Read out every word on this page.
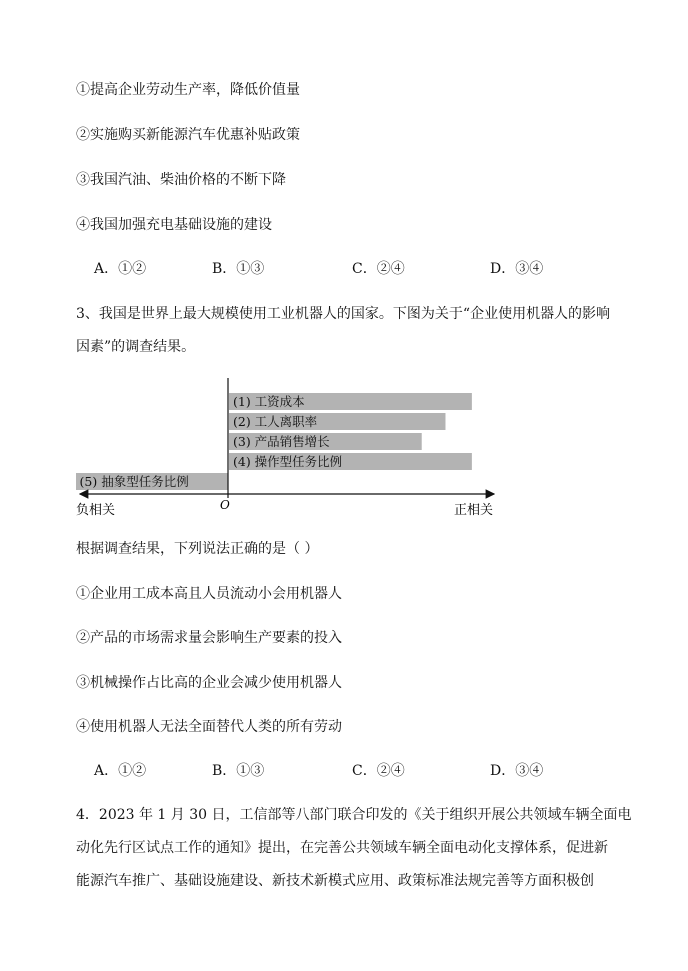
①提高企业劳动生产率，降低价值量
②实施购买新能源汽车优惠补贴政策
③我国汽油、柴油价格的不断下降
④我国加强充电基础设施的建设
A．①②	B．①③	C．②④	D．③④
3、我国是世界上最大规模使用工业机器人的国家。下图为关于“企业使用机器人的影响
因素”的调查结果。
(1) 工资成本
(2) 工人离职率
(3) 产品销售增长
(4) 操作型任务比例
(5) 抽象型任务比例
O
负相关	正相关
根据调查结果，下列说法正确的是（ ）
①企业用工成本高且人员流动小会用机器人
②产品的市场需求量会影响生产要素的投入
③机械操作占比高的企业会减少使用机器人
④使用机器人无法全面替代人类的所有劳动
A．①②	B．①③	C．②④	D．③④
4．2023 年 1 月 30 日，工信部等八部门联合印发的《关于组织开展公共领域车辆全面电
动化先行区试点工作的通知》提出，在完善公共领域车辆全面电动化支撑体系，促进新
能源汽车推广、基础设施建设、新技术新模式应用、政策标准法规完善等方面积极创
